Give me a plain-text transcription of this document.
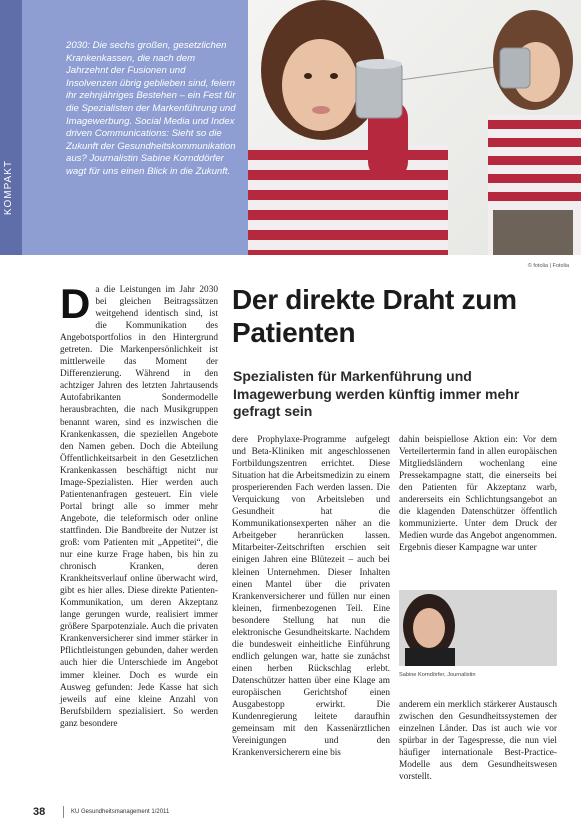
KOMPAKT

2030: Die sechs großen, gesetzlichen Krankenkassen, die nach dem Jahrzehnt der Fusionen und Insolvenzen übrig geblieben sind, feiern ihr zehnjähriges Bestehen – ein Fest für die Spezialisten der Markenführung und Imagewerbung. Social Media und Index driven Communications: Sieht so die Zukunft der Gesundheitskommunikation aus? Journalistin Sabine Kornddörfer wagt für uns einen Blick in die Zukunft.

© fotolia | Fotolia
D a die Leistungen im Jahr 2030 bei gleichen Beitragssätzen weitgehend identisch sind, ist die Kommunikation des Angebotsportfolios in den Hintergrund getreten. Die Markenpersönlichkeit ist mittlerweile das Moment der Differenzierung. Während in den achtziger Jahren des letzten Jahrtausends Autofabrikanten Sondermodelle herausbrachten, die nach Musikgruppen benannt waren, sind es inzwischen die Krankenkassen, die speziellen Angebote den Namen geben. Doch die Abteilung Öffentlichkeitsarbeit in den Gesetzlichen Krankenkassen beschäftigt nicht nur Image-Spezialisten. Hier werden auch Patientenanfragen gesteuert. Ein viele Portal bringt alle so immer mehr Angebote, die teleformisch oder online stattfinden. Die Bandbreite der Nutzer ist groß: vom Patienten mit „Appetitei“, die nur eine kurze Frage haben, bis hin zu chronisch Kranken, deren Krankheitsverlauf online überwacht wird, gibt es hier alles. Diese direkte Patienten-Kommunikation, um deren Akzeptanz lange gerungen wurde, realisiert immer größere Sparpotenziale. Auch die privaten Krankenversicherer sind immer stärker in Pflichtleistungen gebunden, daher werden auch hier die Unterschiede im Angebot immer kleiner. Doch es wurde ein Ausweg gefunden: Jede Kasse hat sich jeweils auf eine kleine Anzahl von Berufsbildern spezialisiert. So werden ganz besondere

Der direkte Draht zum Patienten
Spezialisten für Markenführung und Imagewerbung werden künftig immer mehr gefragt sein

dere Prophylaxe-Programme aufgelegt und Beta-Kliniken mit angeschlossenen Fortbildungszentren errichtet. Diese Situation hat die Arbeitsmedizin zu einem prosperierenden Fach werden lassen. Die Verquickung von Arbeitsleben und Gesundheit hat die Kommunikationsexperten näher an die Arbeitgeber heranrücken lassen. Mitarbeiter-Zeitschriften erschien seit einigen Jahren eine Blütezeit – auch bei kleinen Unternehmen. Dieser Inhalten einen Mantel über die privaten Krankenversicherer und füllen nur einen kleinen, firmenbezogenen Teil. Eine besondere Stellung hat nun die elektronische Gesundheitskarte. Nachdem die bundesweit einheitliche Einführung endlich gelungen war, hatte sie zunächst einen herben Rückschlag erlebt. Datenschützer hatten über eine Klage am europäischen Gerichtshof einen Ausgabestopp erwirkt. Die Kundenregierung leitete daraufhin gemeinsam mit den Kassenärztlichen Vereinigungen und den Krankenversicherern eine bis

dahin beispiellose Aktion ein: Vor dem Verteilertermin fand in allen europäischen Mitgliedsländern wochenlang eine Pressekampagne statt, die einerseits bei den Patienten für Akzeptanz warb, andererseits ein Schlichtungsangebot an die klagenden Datenschützer öffentlich kommunizierte. Unter dem Druck der Medien wurde das Angebot angenommen. Ergebnis dieser Kampagne war unter

Sabine Korndörfer, Journalistin

anderem ein merklich stärkerer Austausch zwischen den Gesundheitssystemen der einzelnen Länder. Das ist auch wie vor spürbar in der Tagespresse, die nun viel häufiger internationale Best-Practice-Modelle aus dem Gesundheitswesen vorstellt.

38	KU Gesundheitsmanagement 1/2011
